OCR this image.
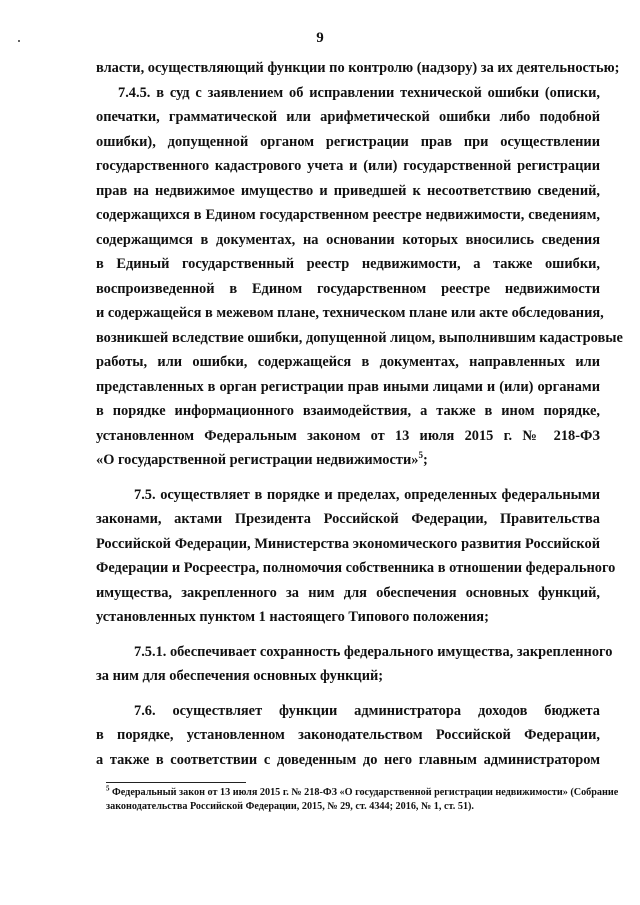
9

власти, осуществляющий функции по контролю (надзору) за их деятельностью;

7.4.5. в суд с заявлением об исправлении технической ошибки (описки,
опечатки, грамматической или арифметической ошибки либо подобной
ошибки), допущенной органом регистрации прав при осуществлении
государственного кадастрового учета и (или) государственной регистрации
прав на недвижимое имущество и приведшей к несоответствию сведений,
содержащихся в Едином государственном реестре недвижимости, сведениям,
содержащимся в документах, на основании которых вносились сведения
в Единый государственный реестр недвижимости, а также ошибки,
воспроизведенной в Едином государственном реестре недвижимости
и содержащейся в межевом плане, техническом плане или акте обследования,
возникшей вследствие ошибки, допущенной лицом, выполнившим кадастровые
работы, или ошибки, содержащейся в документах, направленных или
представленных в орган регистрации прав иными лицами и (или) органами
в порядке информационного взаимодействия, а также в ином порядке,
установленном Федеральным законом от 13 июля 2015 г. № 218-ФЗ
«О государственной регистрации недвижимости»$^5$;

7.5. осуществляет в порядке и пределах, определенных федеральными
законами, актами Президента Российской Федерации, Правительства
Российской Федерации, Министерства экономического развития Российской
Федерации и Росреестра, полномочия собственника в отношении федерального
имущества, закрепленного за ним для обеспечения основных функций,
установленных пунктом 1 настоящего Типового положения;

7.5.1. обеспечивает сохранность федерального имущества, закрепленного
за ним для обеспечения основных функций;

7.6. осуществляет функции администратора доходов бюджета
в порядке, установленном законодательством Российской Федерации,
а также в соответствии с доведенным до него главным администратором

$^5$ Федеральный закон от 13 июля 2015 г. № 218-ФЗ «О государственной регистрации недвижимости» (Собрание
законодательства Российской Федерации, 2015, № 29, ст. 4344; 2016, № 1, ст. 51).
